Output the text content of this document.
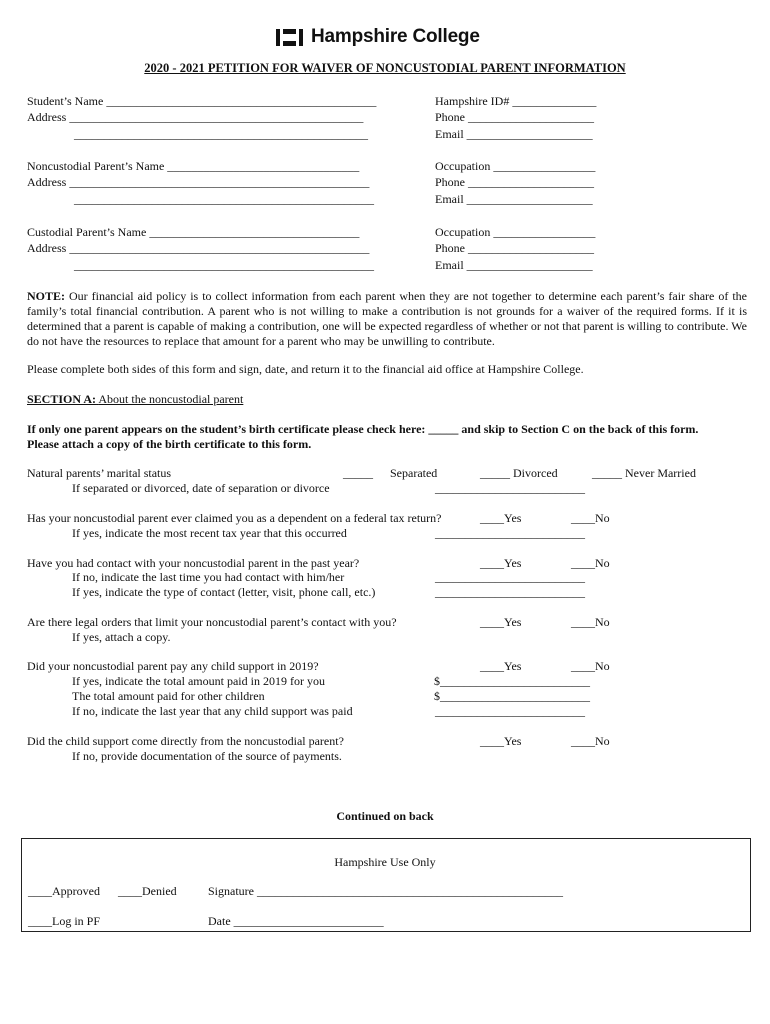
Hampshire College
2020 - 2021 PETITION FOR WAIVER OF NONCUSTODIAL PARENT INFORMATION
Student’s Name _____________________________________________
Address _________________________________________________
_________________________________________________
Hampshire ID# ______________
Phone _____________________
Email _____________________
Noncustodial Parent’s Name ________________________________
Address __________________________________________________
__________________________________________________
Occupation _________________
Phone _____________________
Email _____________________
Custodial Parent’s Name ___________________________________
Address __________________________________________________
__________________________________________________
Occupation _________________
Phone _____________________
Email _____________________
NOTE: Our financial aid policy is to collect information from each parent when they are not together to determine each parent’s fair share of the family’s total financial contribution. A parent who is not willing to make a contribution is not grounds for a waiver of the required forms. If it is determined that a parent is capable of making a contribution, one will be expected regardless of whether or not that parent is willing to contribute. We do not have the resources to replace that amount for a parent who may be unwilling to contribute.
Please complete both sides of this form and sign, date, and return it to the financial aid office at Hampshire College.
SECTION A: About the noncustodial parent
If only one parent appears on the student’s birth certificate please check here: _____ and skip to Section C on the back of this form.
Please attach a copy of the birth certificate to this form.
Natural parents’ marital status	_____ Separated	_____ Divorced	_____ Never Married
If separated or divorced, date of separation or divorce	_________________________
Has your noncustodial parent ever claimed you as a dependent on a federal tax return?	____Yes	____No
If yes, indicate the most recent tax year that this occurred	_________________________
Have you had contact with your noncustodial parent in the past year?	____Yes	____No
If no, indicate the last time you had contact with him/her	_________________________
If yes, indicate the type of contact (letter, visit, phone call, etc.)	_________________________
Are there legal orders that limit your noncustodial parent’s contact with you?	____Yes	____No
If yes, attach a copy.
Did your noncustodial parent pay any child support in 2019?	____Yes	____No
If yes, indicate the total amount paid in 2019 for you	$_________________________
The total amount paid for other children	$_________________________
If no, indicate the last year that any child support was paid	_________________________
Did the child support come directly from the noncustodial parent?	____Yes	____No
If no, provide documentation of the source of payments.
Continued on back
Hampshire Use Only
____Approved ____Denied	Signature ___________________________________________________
____Log in PF	Date _________________________
